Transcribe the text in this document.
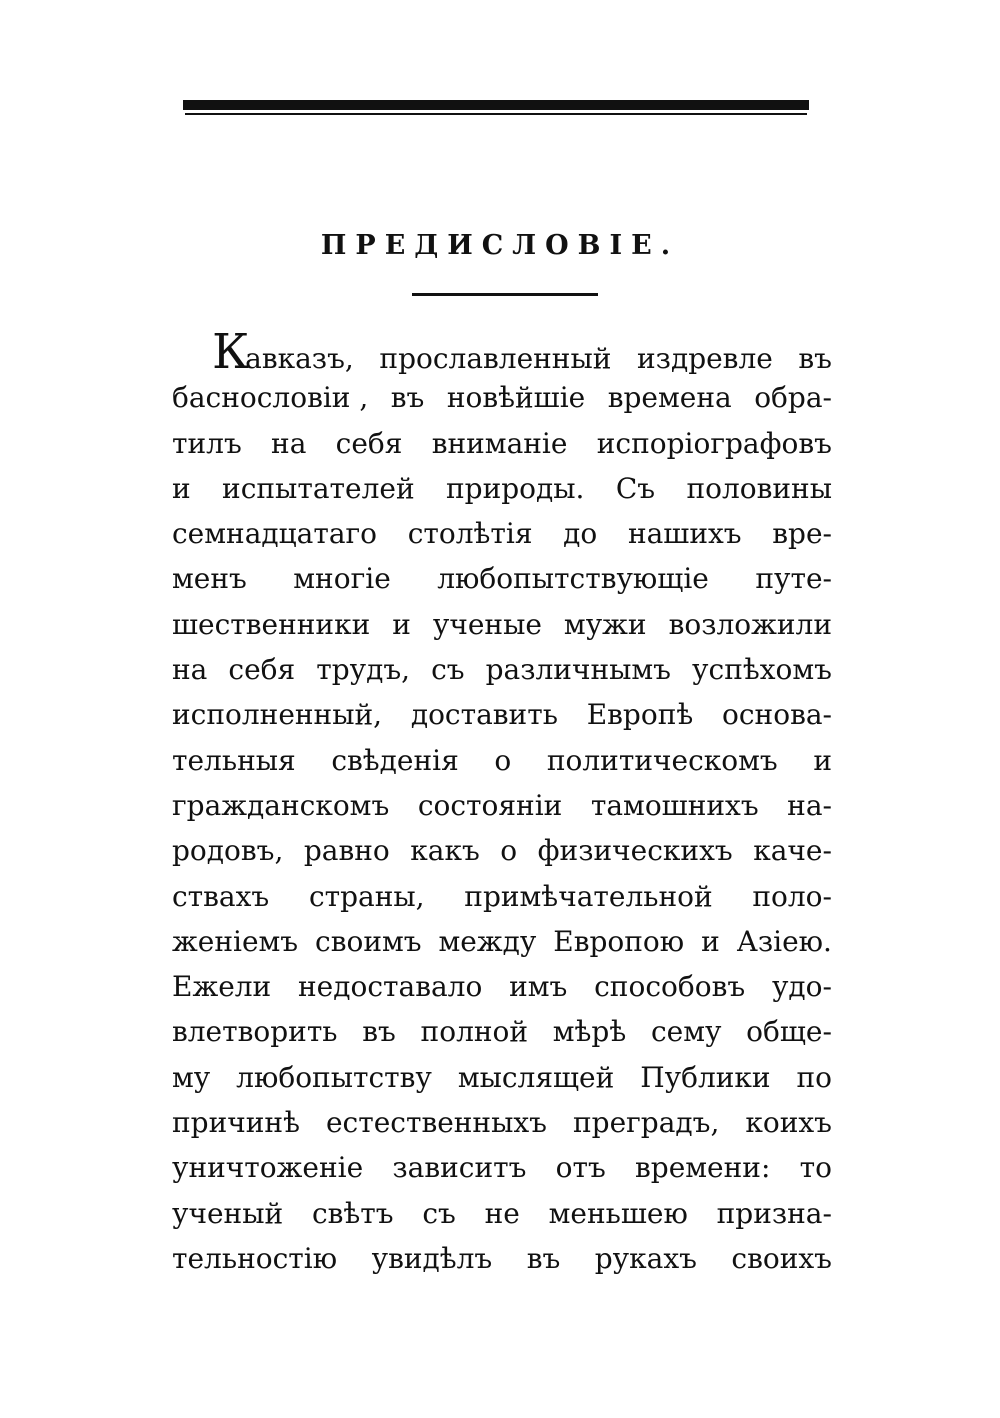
ПРЕДИСЛОВІЕ.
Кавказъ, прославленный издревле въ
баснословіи , въ новѣйшіе времена обра-
тилъ на себя вниманіе испоріографовъ
и испытателей природы. Съ половины
семнадцатаго столѣтія до нашихъ вре-
менъ многіе любопытствующіе путе-
шественники и ученые мужи возложили
на себя трудъ, съ различнымъ успѣхомъ
исполненный, доставить Европѣ основа-
тельныя свѣденія о политическомъ и
гражданскомъ состояніи тамошнихъ на-
родовъ, равно какъ о физическихъ каче-
ствахъ страны, примѣчательной поло-
женіемъ своимъ между Европою и Азіею.
Ежели недоставало имъ способовъ удо-
влетворить въ полной мѣрѣ сему обще-
му любопытству мыслящей Публики по
причинѣ естественныхъ преградъ, коихъ
уничтоженіе зависитъ отъ времени: то
ученый свѣтъ съ не меньшею призна-
тельностію увидѣлъ въ рукахъ своихъ
